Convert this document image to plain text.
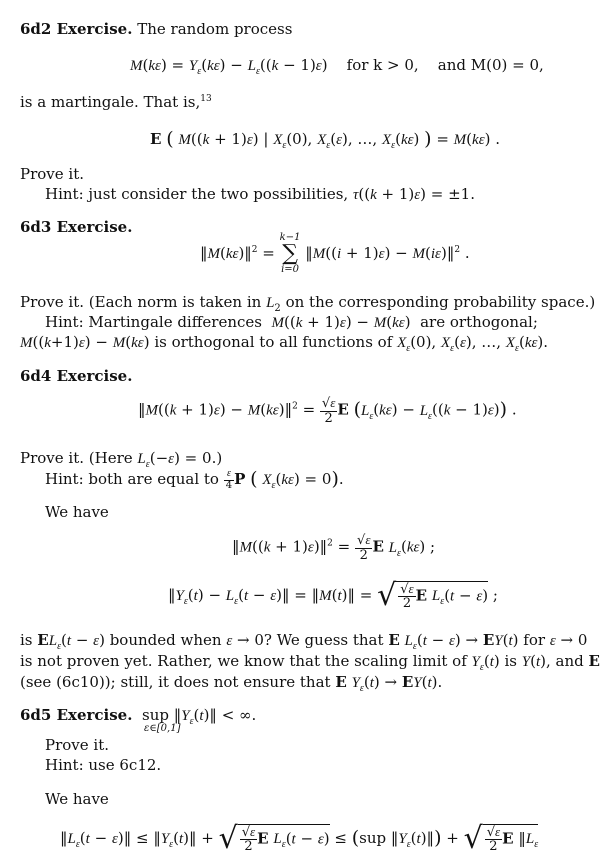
6d2 Exercise. The random process
$M(k\varepsilon) = Y_\varepsilon(k\varepsilon) - L_\varepsilon((k - 1)\varepsilon)$    for k > 0, and M(0) = 0,
is a martingale. That is,$^{13}$
E ( M((k + 1)ε) | $X_\varepsilon(0)$, $X_\varepsilon(\varepsilon)$, …, $X_\varepsilon(k\varepsilon)$ ) = M(kε) .
Prove it.
Hint: just consider the two possibilities, τ((k + 1)ε) = ±1.
6d3 Exercise.
‖M(kε)‖$^2$ =
k−1
∑
i=0
‖M((i + 1)ε) − M(iε)‖$^2$ .
Prove it. (Each norm is taken in $L_2$ on the corresponding probability space.)
Hint: Martingale differences M((k + 1)ε) − M(kε)  are orthogonal;
M((k+1)ε) − M(kε) is orthogonal to all functions of $X_\varepsilon(0)$, $X_\varepsilon(\varepsilon)$, …, $X_\varepsilon(k\varepsilon)$.
6d4 Exercise.
‖M((k + 1)ε) − M(kε)‖$^2$ = $\frac{√\varepsilon}{2}$ E $(L_\varepsilon(k\varepsilon) - L_\varepsilon((k - 1)\varepsilon))$ .
Prove it. (Here $L_\varepsilon(-\varepsilon) = 0$.)
Hint: both are equal to $\frac{\varepsilon}{4}$ P ( $X_\varepsilon(k\varepsilon) = 0$).
We have
‖M((k + 1)ε)‖$^2$ = $\frac{√\varepsilon}{2}$ E $L_\varepsilon(k\varepsilon)$ ;
$‖Y_\varepsilon(t) - L_\varepsilon(t$ − ε)‖ = ‖M(t)‖ = √ $\frac{√\varepsilon}{2}$ E $L_\varepsilon(t - \varepsilon)$ ;
is $EL_\varepsilon(t - \varepsilon)$ bounded when ε → 0? We guess that E $L_\varepsilon(t - \varepsilon) \to EY(t)$ for ε → 0
is not proven yet. Rather, we know that the scaling limit of $Y_\varepsilon(t)$ is Y(t), and E
(see (6c10)); still, it does not ensure that E $Y_\varepsilon(t) \to EY(t)$.
6d5 Exercise. sup
ε∈[0,1]
$‖Y_\varepsilon(t)‖$ < ∞.
Prove it.
Hint: use 6c12.
We have
$‖L_\varepsilon(t$ − ε)‖ ≤ $‖Y_\varepsilon(t)‖$ + √ $\frac{√\varepsilon}{2}$ E $L_\varepsilon(t - \varepsilon) \le (sup$ $‖Y_\varepsilon(t)‖$) + √ $\frac{√\varepsilon}{2}$ E $‖L_\varepsilon$
